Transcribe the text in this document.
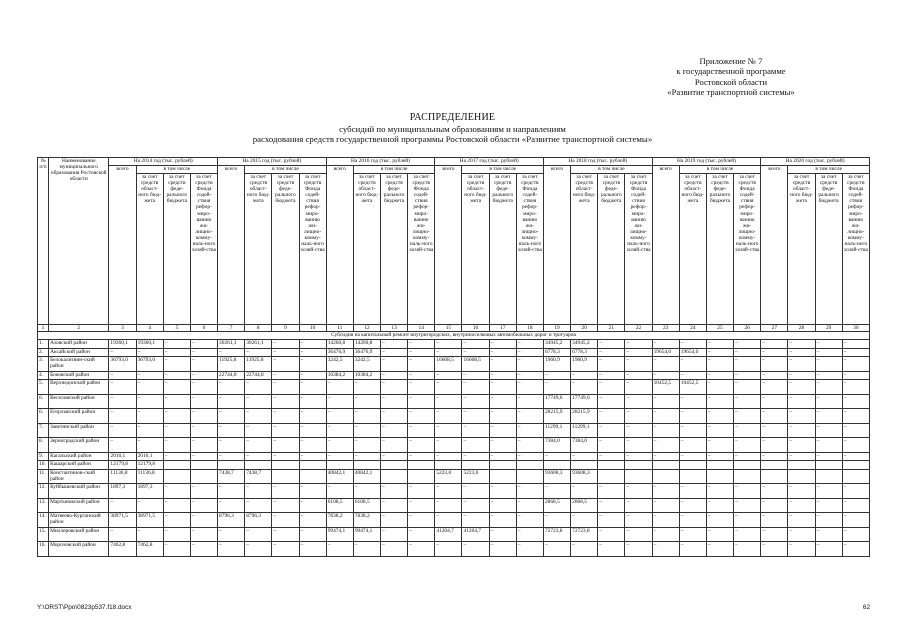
Приложение № 7
к государственной программе
Ростовской области
«Развитие транспортной системы»
РАСПРЕДЕЛЕНИЕ
субсидий по муниципальным образованиям и направлениям
расходования средств государственной программы Ростовской области «Развитие транспортной системы»
№ п/п	Наименование муниципального образования Ростовской области	На 2014 год (тыс. рублей)				На 2015 год (тыс. рублей)				На 2016 год (тыс. рублей)				На 2017 год (тыс. рублей)				На 2018 год (тыс. рублей)				На 2019 год (тыс. рублей)				На 2020 год (тыс. рублей)			
		всего	в том числе			всего	в том числе			всего	в том числе			всего	в том числе			всего	в том числе			всего	в том числе			всего	в том числе		
			за счет средств област-ного бюд-жета	за счет средств феде-рального бюджета	за счет средств Фонда содей-ствия рефор-миро-ванию жи-лищно-комму-наль-ного хозяй-ства		за счет средств област-ного бюд-жета	за счет средств феде-рального бюджета	за счет средств Фонда содей-ствия рефор-миро-ванию жи-лищно-комму-наль-ного хозяй-ства		за счет средств област-ного бюд-жета	за счет средств феде-рального бюджета	за счет средств Фонда содей-ствия рефор-миро-ванию жи-лищно-комму-наль-ного хозяй-ства		за счет средств област-ного бюд-жета	за счет средств феде-рального бюджета	за счет средств Фонда содей-ствия рефор-миро-ванию жи-лищно-комму-наль-ного хозяй-ства		за счет средств област-ного бюд-жета	за счет средств феде-рального бюджета	за счет средств Фонда содей-ствия рефор-миро-ванию жи-лищно-комму-наль-ного хозяй-ства		за счет средств област-ного бюд-жета	за счет средств феде-рального бюджета	за счет средств Фонда содей-ствия рефор-миро-ванию жи-лищно-комму-наль-ного хозяй-ства		за счет средств област-ного бюд-жета	за счет средств феде-рального бюджета	за счет средств Фонда содей-ствия рефор-миро-ванию жи-лищно-комму-наль-ного хозяй-ства
1	2	3	4	5	6	7	8	9	10	11	12	13	14	15	16	17	18	19	20	21	22	23	24	25	26	27	28	29	30
Субсидия на капитальный ремонт внутригородских, внутрипоселковых автомобильных дорог и тротуаров																													
1.	Азовский район	19360,1	19360,1	–	–	30261,1	30261,1	–	–	14260,8	14260,8	–	–	–	–	–	–	34945,2	34945,2	–	–	–	–	–	–	–	–	–	–
2.	Аксайский район	–	–	–	–	–	–	–	–	36476,9	36476,9	–	–	–	–	–	–	6778,3	6778,3	–	–	19654,0	19654,0	–	–	–	–	–	–
3.	Белокалитвин-ский район	36793,0	36793,0	–	–	11925,8	11925,8	–	–	3242,5	3242,5	–	–	16608,5	16608,5	–	–	1960,9	1960,9	–	–	–	–	–	–	–	–	–	–
4.	Боковский район	–	–	–	–	22744,8	22744,8	–	–	10384,2	10384,2	–	–	–	–	–	–	–	–	–	–	–	–	–	–	–	–	–	–
5.	Верхнедонской район	–	–	–	–	–	–	–	–	–	–	–	–	–	–	–	–	–	–	–	–	10452,5	10452,5	–	–	–	–	–	–
6.	Веселовский район	–	–	–	–	–	–	–	–	–	–	–	–	–	–	–	–	17749,6	17749,6	–	–	–	–	–	–	–	–	–	–
6.	Егорлыкский район	–	–	–	–	–	–	–	–	–	–	–	–	–	–	–	–	28215,9	28215,9	–	–	–	–	–	–	–	–	–	–
7.	Заветинский район	–	–	–	–	–	–	–	–	–	–	–	–	–	–	–	–	11299,1	11299,1	–	–	–	–	–	–	–	–	–	–
8.	Зерноградский район	–	–	–	–	–	–	–	–	–	–	–	–	–	–	–	–	7384,0	7384,0	–	–	–	–	–	–	–	–	–	–
9.	Кагальский район	2016,1	2016,1	–	–	–	–	–	–	–	–	–	–	–	–	–	–	–	–	–	–	–	–	–	–	–	–	–	–
10.	Кашарский район	12179,8	12179,8																										
11.	Константинов-ский район	11136,8	11136,8			7438,7	7438,7			40842,1	40842,1			5223,0	5223,0			93608,3	93608,3										
12.	Куйбышевский район	1897,3	1897,3	–	–	–	–	–	–	–	–	–	–	–	–	–	–	–	–	–	–	–	–	–	–	–	–	–	–
13.	Мартыновский район	–	–	–	–	–	–	–	–	6108,5	6108,5	–	–	–	–	–	–	2868,5	2868,5	–	–	–	–	–	–	–	–	–	–
14.	Матвеево-Курганский район	38971,5	38971,5	–	–	8796,3	8796,3	–	–	7838,2	7838,2	–	–	–	–	–	–	–	–	–	–	–	–	–	–	–	–	–	–
15.	Миллеровский район	–	–	–	–	–	–	–	–	99474,1	99474,1	–	–	41204,7	41204,7	–	–	72723,8	72723,8	–	–	–	–	–	–	–	–	–	–
16.	Морозовский район	7462,8	7462,8	–	–	–	–	–	–	–	–	–	–	–	–	–	–	–	–	–	–	–	–	–	–	–	–	–	–
Y:\ORST\Ppo\0823p537.f18.docx	62
